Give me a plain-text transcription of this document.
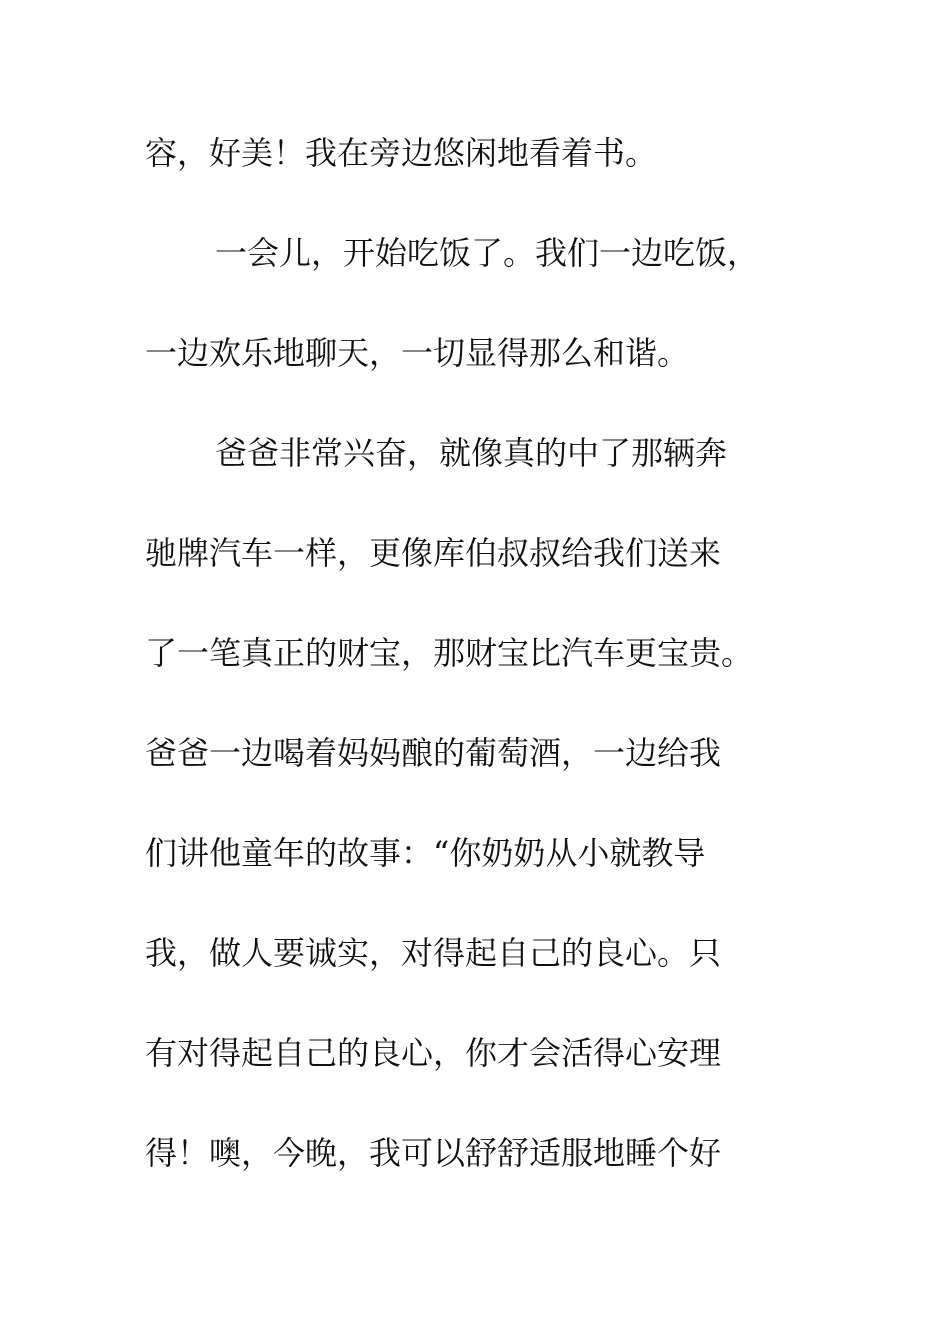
容，好美！我在旁边悠闲地看着书。

一会儿，开始吃饭了。我们一边吃饭，

一边欢乐地聊天，一切显得那么和谐。

爸爸非常兴奋，就像真的中了那辆奔

驰牌汽车一样，更像库伯叔叔给我们送来

了一笔真正的财宝，那财宝比汽车更宝贵。

爸爸一边喝着妈妈酿的葡萄酒，一边给我

们讲他童年的故事：“你奶奶从小就教导

我，做人要诚实，对得起自己的良心。只

有对得起自己的良心，你才会活得心安理

得！噢，今晚，我可以舒舒适服地睡个好
